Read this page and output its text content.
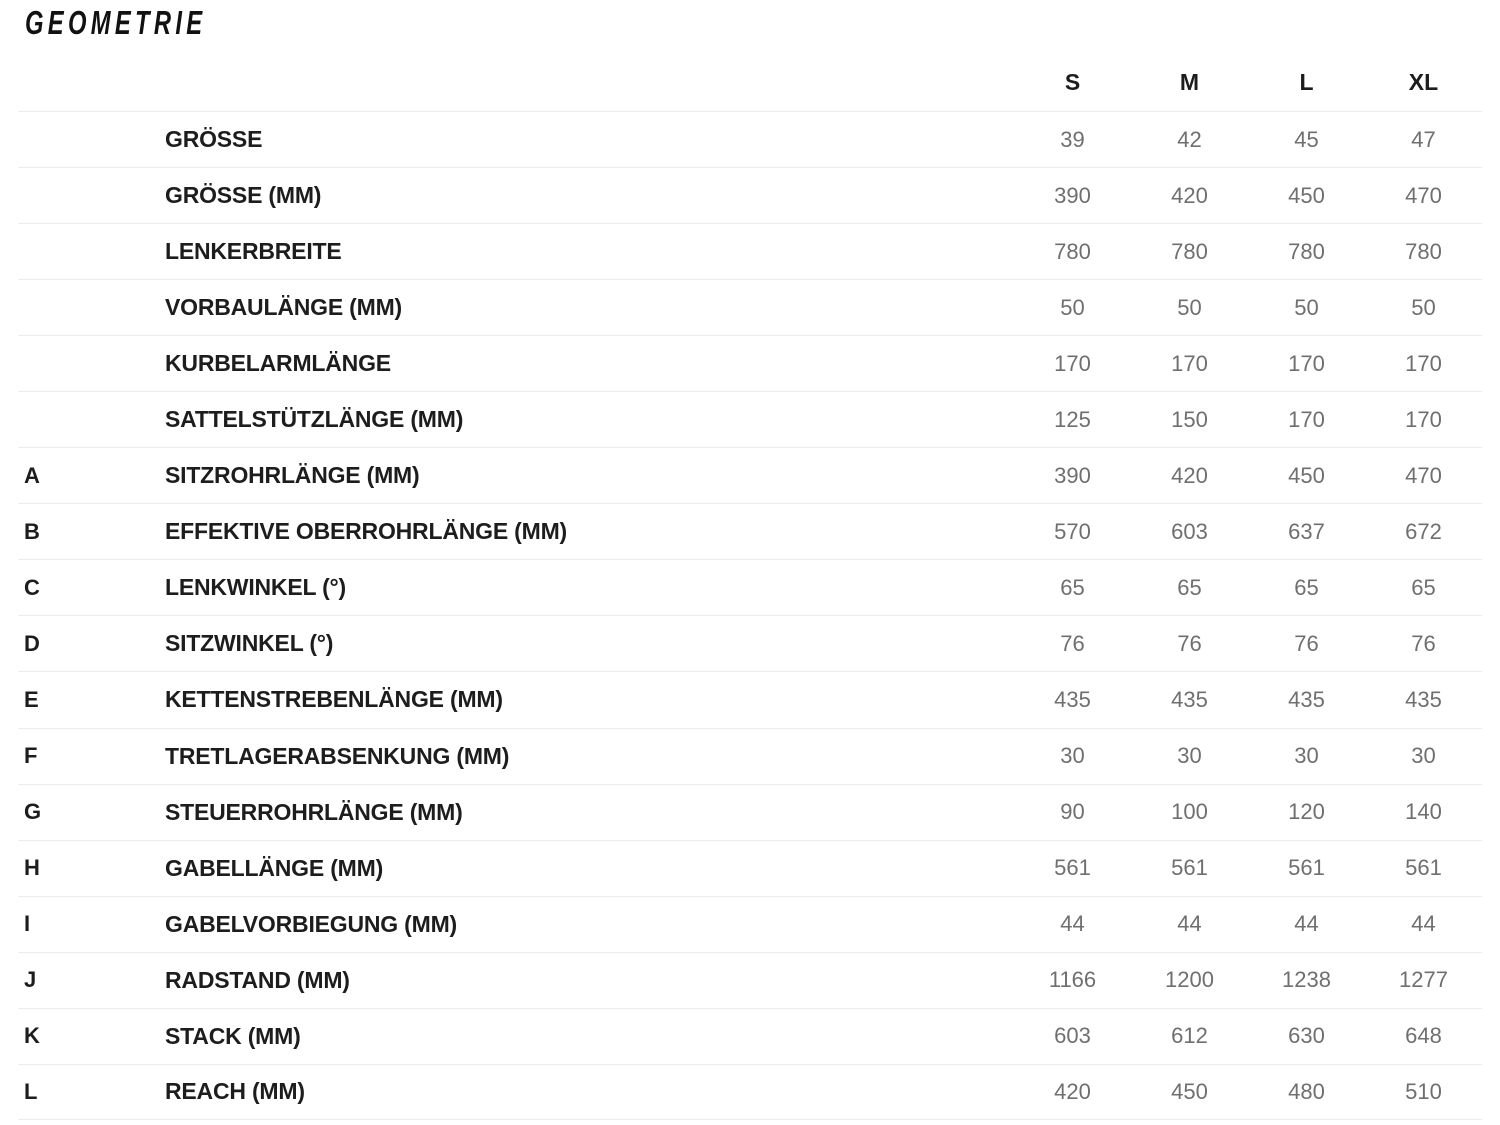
GEOMETRIE
S	M	L	XL
GRÖSSE	39	42	45	47
GRÖSSE (MM)	390	420	450	470
LENKERBREITE	780	780	780	780
VORBAULÄNGE (MM)	50	50	50	50
KURBELARMLÄNGE	170	170	170	170
SATTELSTÜTZLÄNGE (MM)	125	150	170	170
A	SITZROHRLÄNGE (MM)	390	420	450	470
B	EFFEKTIVE OBERROHRLÄNGE (MM)	570	603	637	672
C	LENKWINKEL (°)	65	65	65	65
D	SITZWINKEL (°)	76	76	76	76
E	KETTENSTREBENLÄNGE (MM)	435	435	435	435
F	TRETLAGERABSENKUNG (MM)	30	30	30	30
G	STEUERROHRLÄNGE (MM)	90	100	120	140
H	GABELLÄNGE (MM)	561	561	561	561
I	GABELVORBIEGUNG (MM)	44	44	44	44
J	RADSTAND (MM)	1166	1200	1238	1277
K	STACK (MM)	603	612	630	648
L	REACH (MM)	420	450	480	510
